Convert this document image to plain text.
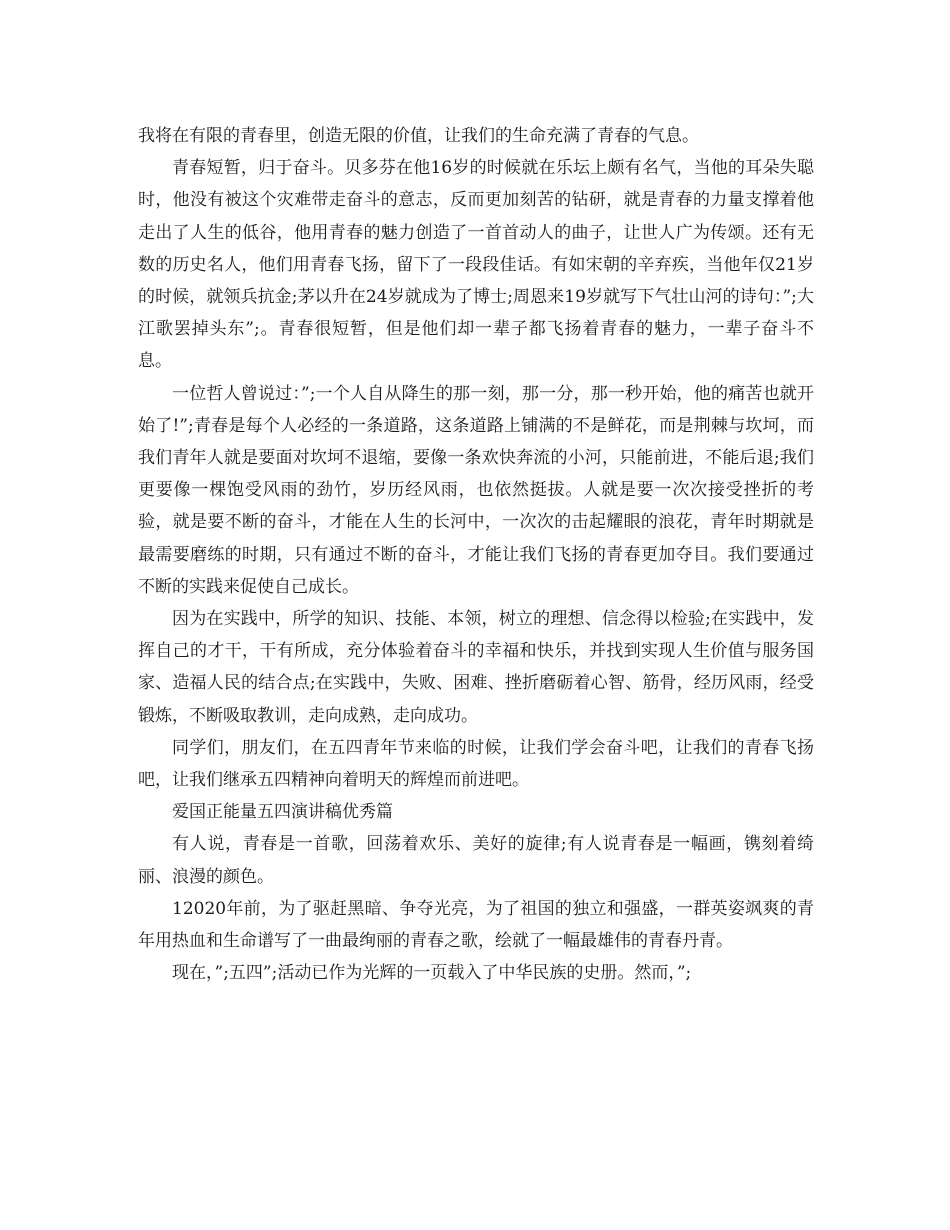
我将在有限的青春里，创造无限的价值，让我们的生命充满了青春的气息。

青春短暂，归于奋斗。贝多芬在他16岁的时候就在乐坛上颇有名气，当他的耳朵失聪时，他没有被这个灾难带走奋斗的意志，反而更加刻苦的钻研，就是青春的力量支撑着他走出了人生的低谷，他用青春的魅力创造了一首首动人的曲子，让世人广为传颂。还有无数的历史名人，他们用青春飞扬，留下了一段段佳话。有如宋朝的辛弃疾，当他年仅21岁的时候，就领兵抗金;茅以升在24岁就成为了博士;周恩来19岁就写下气壮山河的诗句：”;大江歌罢掉头东”;。青春很短暂，但是他们却一辈子都飞扬着青春的魅力，一辈子奋斗不息。

一位哲人曾说过：”;一个人自从降生的那一刻，那一分，那一秒开始，他的痛苦也就开始了!”;青春是每个人必经的一条道路，这条道路上铺满的不是鲜花，而是荆棘与坎坷，而我们青年人就是要面对坎坷不退缩，要像一条欢快奔流的小河，只能前进，不能后退;我们更要像一棵饱受风雨的劲竹，岁历经风雨，也依然挺拔。人就是要一次次接受挫折的考验，就是要不断的奋斗，才能在人生的长河中，一次次的击起耀眼的浪花，青年时期就是最需要磨练的时期，只有通过不断的奋斗，才能让我们飞扬的青春更加夺目。我们要通过不断的实践来促使自己成长。

因为在实践中，所学的知识、技能、本领，树立的理想、信念得以检验;在实践中，发挥自己的才干，干有所成，充分体验着奋斗的幸福和快乐，并找到实现人生价值与服务国家、造福人民的结合点;在实践中，失败、困难、挫折磨砺着心智、筋骨，经历风雨，经受锻炼，不断吸取教训，走向成熟，走向成功。

同学们，朋友们，在五四青年节来临的时候，让我们学会奋斗吧，让我们的青春飞扬吧，让我们继承五四精神向着明天的辉煌而前进吧。

爱国正能量五四演讲稿优秀篇

有人说，青春是一首歌，回荡着欢乐、美好的旋律;有人说青春是一幅画，镌刻着绮丽、浪漫的颜色。

12020年前，为了驱赶黑暗、争夺光亮，为了祖国的独立和强盛，一群英姿飒爽的青年用热血和生命谱写了一曲最绚丽的青春之歌，绘就了一幅最雄伟的青春丹青。

现在，”;五四”;活动已作为光辉的一页载入了中华民族的史册。然而，”;
